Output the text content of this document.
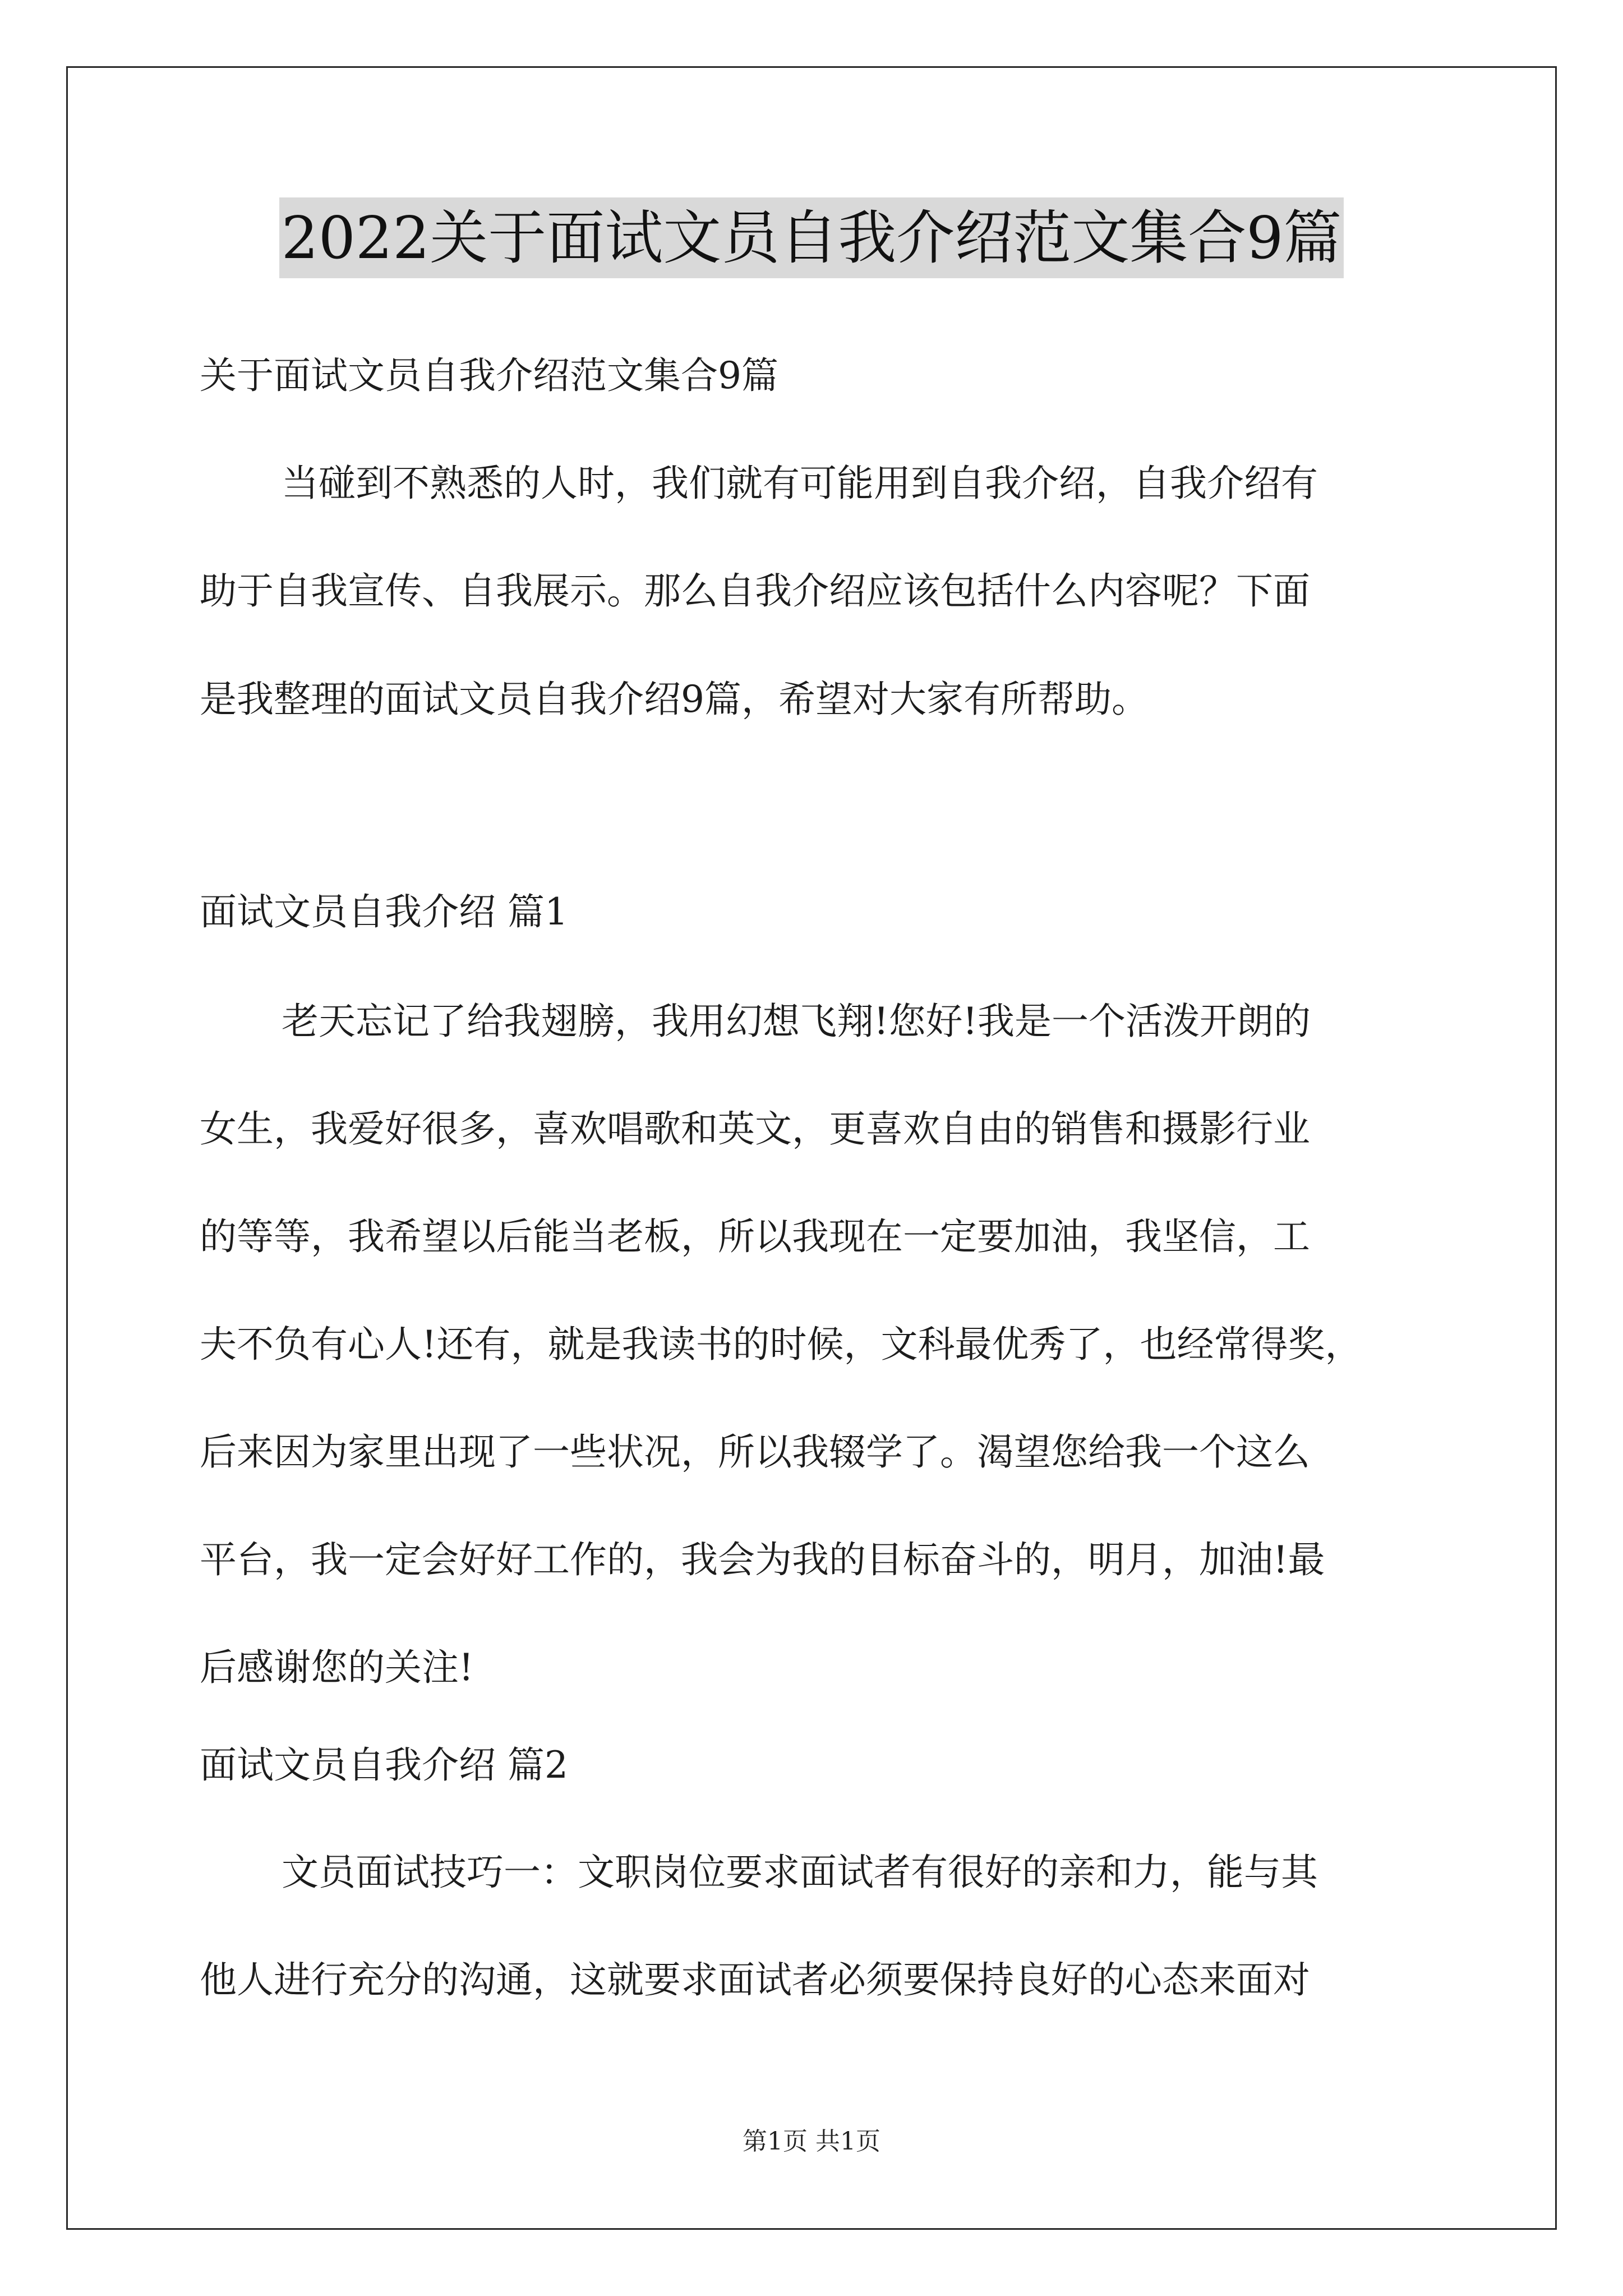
2022关于面试文员自我介绍范文集合9篇
关于面试文员自我介绍范文集合9篇
当碰到不熟悉的人时，我们就有可能用到自我介绍，自我介绍有
助于自我宣传、自我展示。那么自我介绍应该包括什么内容呢？下面
是我整理的面试文员自我介绍9篇，希望对大家有所帮助。
面试文员自我介绍 篇1
老天忘记了给我翅膀，我用幻想飞翔!您好!我是一个活泼开朗的
女生，我爱好很多，喜欢唱歌和英文，更喜欢自由的销售和摄影行业
的等等，我希望以后能当老板，所以我现在一定要加油，我坚信，工
夫不负有心人!还有，就是我读书的时候，文科最优秀了，也经常得奖，
后来因为家里出现了一些状况，所以我辍学了。渴望您给我一个这么
平台，我一定会好好工作的，我会为我的目标奋斗的，明月，加油!最
后感谢您的关注!
面试文员自我介绍 篇2
文员面试技巧一：文职岗位要求面试者有很好的亲和力，能与其
他人进行充分的沟通，这就要求面试者必须要保持良好的心态来面对
第1页 共1页
